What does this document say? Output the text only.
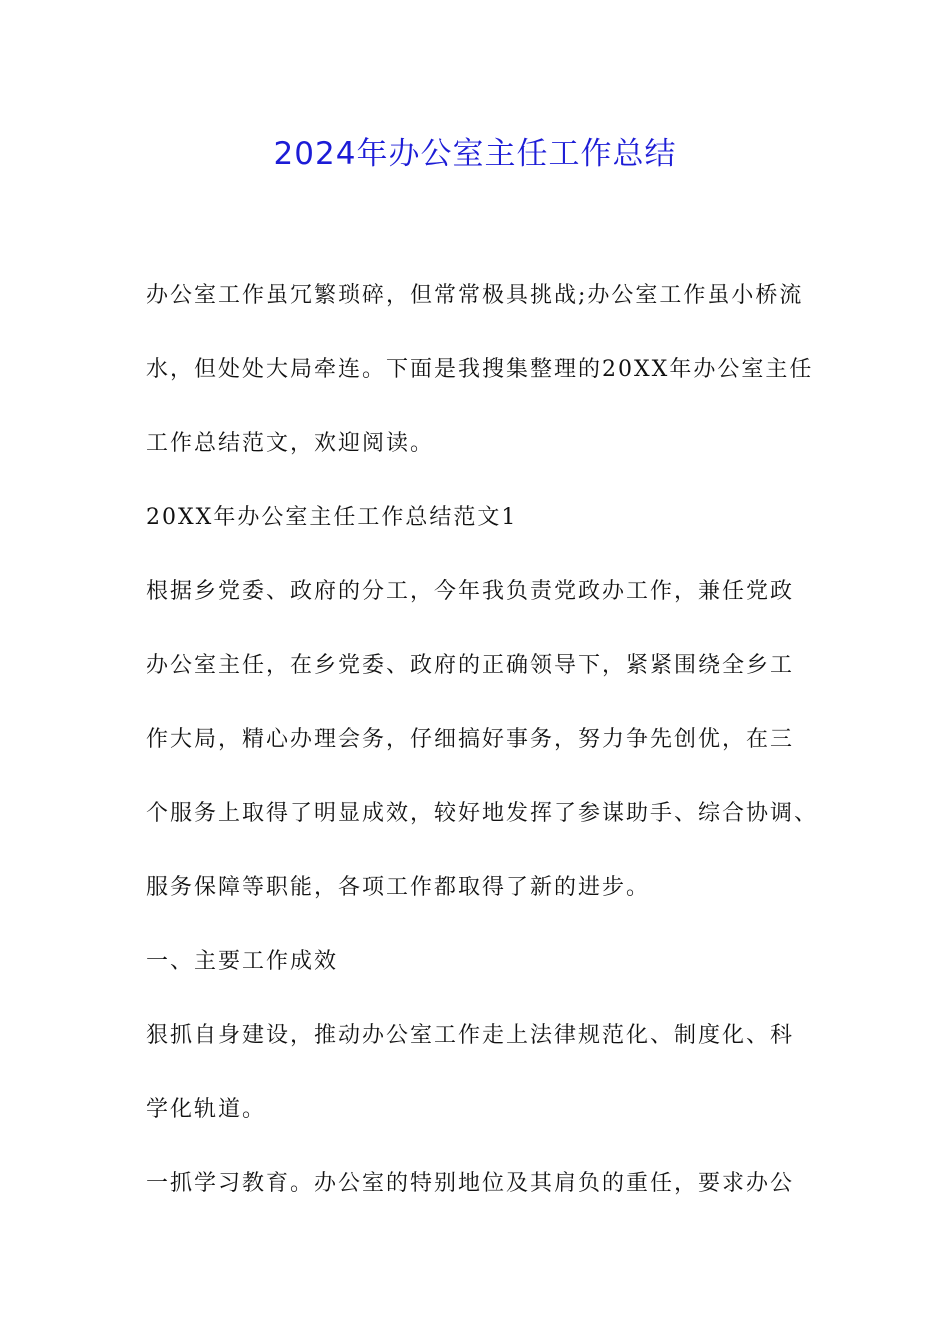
2024年办公室主任工作总结

办公室工作虽冗繁琐碎，但常常极具挑战;办公室工作虽小桥流

水，但处处大局牵连。下面是我搜集整理的20XX年办公室主任

工作总结范文，欢迎阅读。

20XX年办公室主任工作总结范文1

根据乡党委、政府的分工，今年我负责党政办工作，兼任党政

办公室主任，在乡党委、政府的正确领导下，紧紧围绕全乡工

作大局，精心办理会务，仔细搞好事务，努力争先创优，在三

个服务上取得了明显成效，较好地发挥了参谋助手、综合协调、

服务保障等职能，各项工作都取得了新的进步。

一、主要工作成效

狠抓自身建设，推动办公室工作走上法律规范化、制度化、科

学化轨道。

一抓学习教育。办公室的特别地位及其肩负的重任，要求办公
